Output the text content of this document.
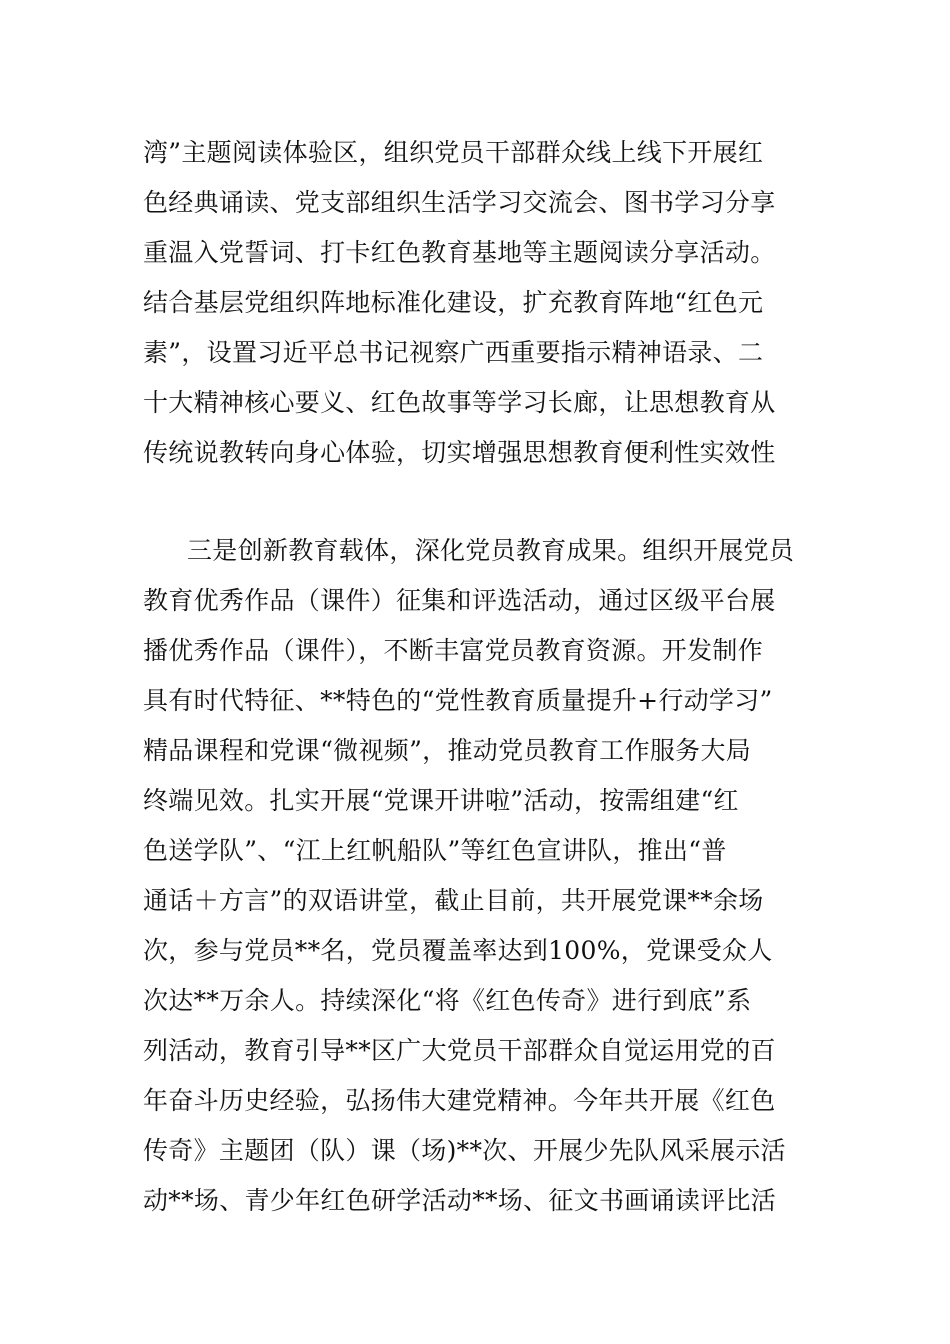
湾”主题阅读体验区，组织党员干部群众线上线下开展红
色经典诵读、党支部组织生活学习交流会、图书学习分享
重温入党誓词、打卡红色教育基地等主题阅读分享活动。
结合基层党组织阵地标准化建设，扩充教育阵地“红色元
素”，设置习近平总书记视察广西重要指示精神语录、二
十大精神核心要义、红色故事等学习长廊，让思想教育从
传统说教转向身心体验，切实增强思想教育便利性实效性
三是创新教育载体，深化党员教育成果。组织开展党员
教育优秀作品（课件）征集和评选活动，通过区级平台展
播优秀作品（课件），不断丰富党员教育资源。开发制作
具有时代特征、**特色的“党性教育质量提升+行动学习”
精品课程和党课“微视频”，推动党员教育工作服务大局
终端见效。扎实开展“党课开讲啦”活动，按需组建“红
色送学队”、“江上红帆船队”等红色宣讲队，推出“普
通话＋方言”的双语讲堂，截止目前，共开展党课**余场
次，参与党员**名，党员覆盖率达到100%，党课受众人
次达**万余人。持续深化“将《红色传奇》进行到底”系
列活动，教育引导**区广大党员干部群众自觉运用党的百
年奋斗历史经验，弘扬伟大建党精神。今年共开展《红色
传奇》主题团（队）课（场)**次、开展少先队风采展示活
动**场、青少年红色研学活动**场、征文书画诵读评比活
